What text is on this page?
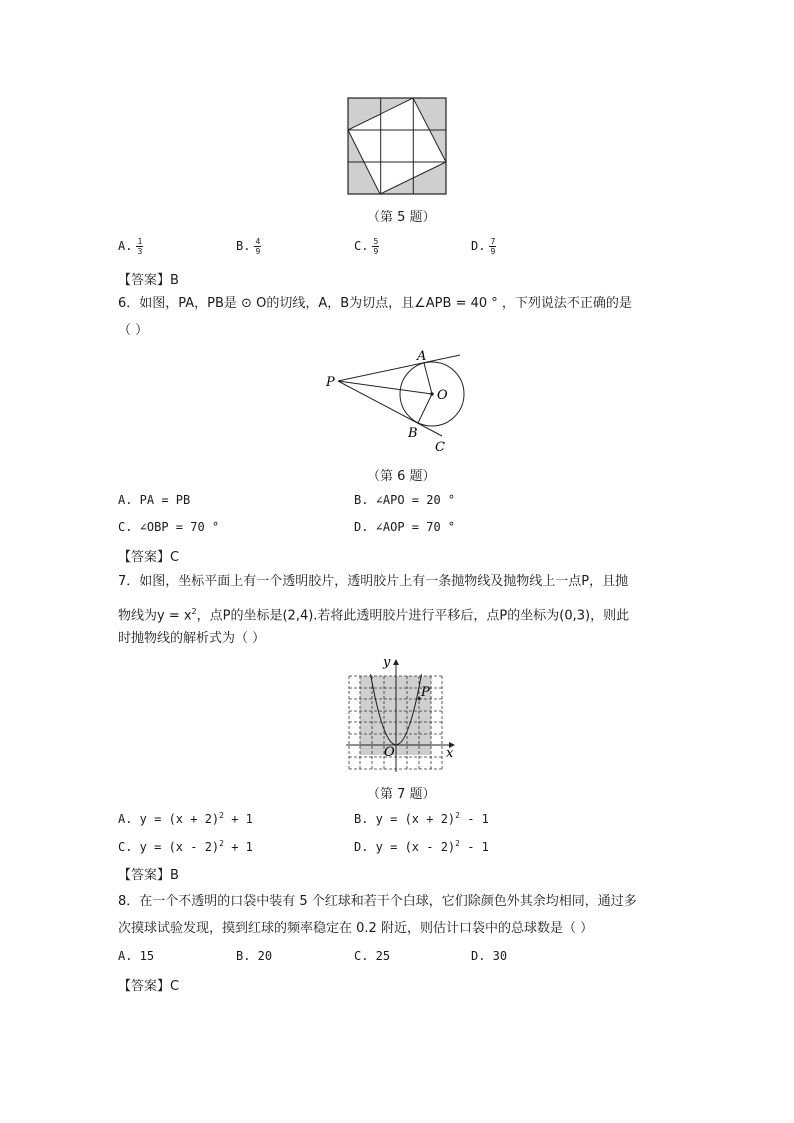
（第 5 题）
A. $\frac{1}{3}$	B. $\frac{4}{9}$	C. $\frac{5}{9}$	D. $\frac{7}{9}$
【答案】B
6．如图，PA，PB是 ⊙ O的切线，A，B为切点，且∠APB = 40 ° ，下列说法不正确的是
（ ）
P
A
O
B
C
（第 6 题）
A. PA = PB	B. ∠APO = 20 °
C. ∠OBP = 70 °	D. ∠AOP = 70 °
【答案】C
7．如图，坐标平面上有一个透明胶片，透明胶片上有一条抛物线及抛物线上一点P，且抛
物线为$y = x^2$，点P的坐标是(2,4).若将此透明胶片进行平移后，点P的坐标为(0,3)，则此
时抛物线的解析式为（ ）
y
x
O
P
（第 7 题）
A. $y = (x + 2)^2 + 1$	B. $y = (x + 2)^2 - 1$
C. y = (x - 2)$^2$ + 1	D. y = (x - 2)$^2$ - 1
【答案】B
8．在一个不透明的口袋中装有 5 个红球和若干个白球，它们除颜色外其余均相同，通过多
次摸球试验发现，摸到红球的频率稳定在 0.2 附近，则估计口袋中的总球数是（ ）
A. 15	B. 20	C. 25	D. 30
【答案】C
